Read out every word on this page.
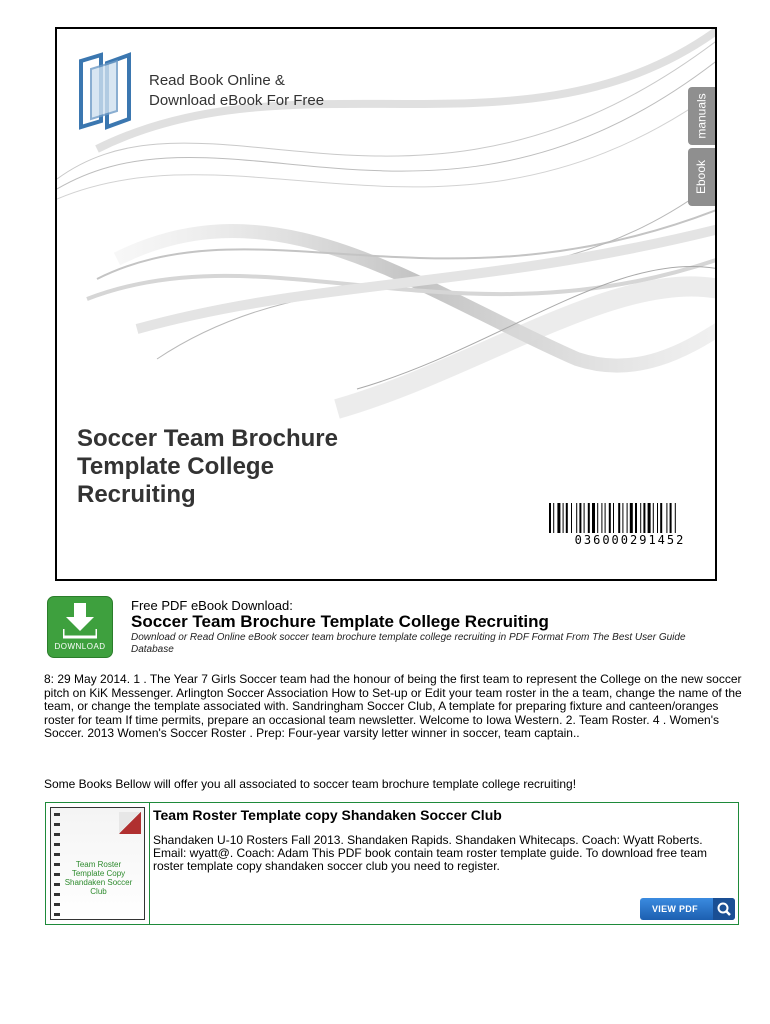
Read Book Online &
Download eBook For Free	manuals
Ebook
Soccer Team Brochure
Template College
Recruiting
036000291452
DOWNLOAD
Free PDF eBook Download:
Soccer Team Brochure Template College Recruiting
Download or Read Online eBook soccer team brochure template college recruiting in PDF Format From The Best User Guide Database
8: 29 May 2014. 1 . The Year 7 Girls Soccer team had the honour of being the first team to represent the College on the new soccer pitch on KiK Messenger. Arlington Soccer Association How to Set-up or Edit your team roster in the a team, change the name of the team, or change the template associated with. Sandringham Soccer Club, A template for preparing fixture and canteen/oranges roster for team If time permits, prepare an occasional team newsletter. Welcome to Iowa Western. 2. Team Roster. 4 . Women's Soccer. 2013 Women's Soccer Roster . Prep: Four-year varsity letter winner in soccer, team captain..
Some Books Bellow will offer you all associated to soccer team brochure template college recruiting!
Team Roster
Template Copy
Shandaken Soccer
Club
Team Roster Template copy Shandaken Soccer Club
Shandaken U-10 Rosters Fall 2013. Shandaken Rapids. Shandaken Whitecaps. Coach: Wyatt Roberts. Email: wyatt@. Coach: Adam This PDF book contain team roster template guide. To download free team roster template copy shandaken soccer club you need to register.
VIEW PDF
